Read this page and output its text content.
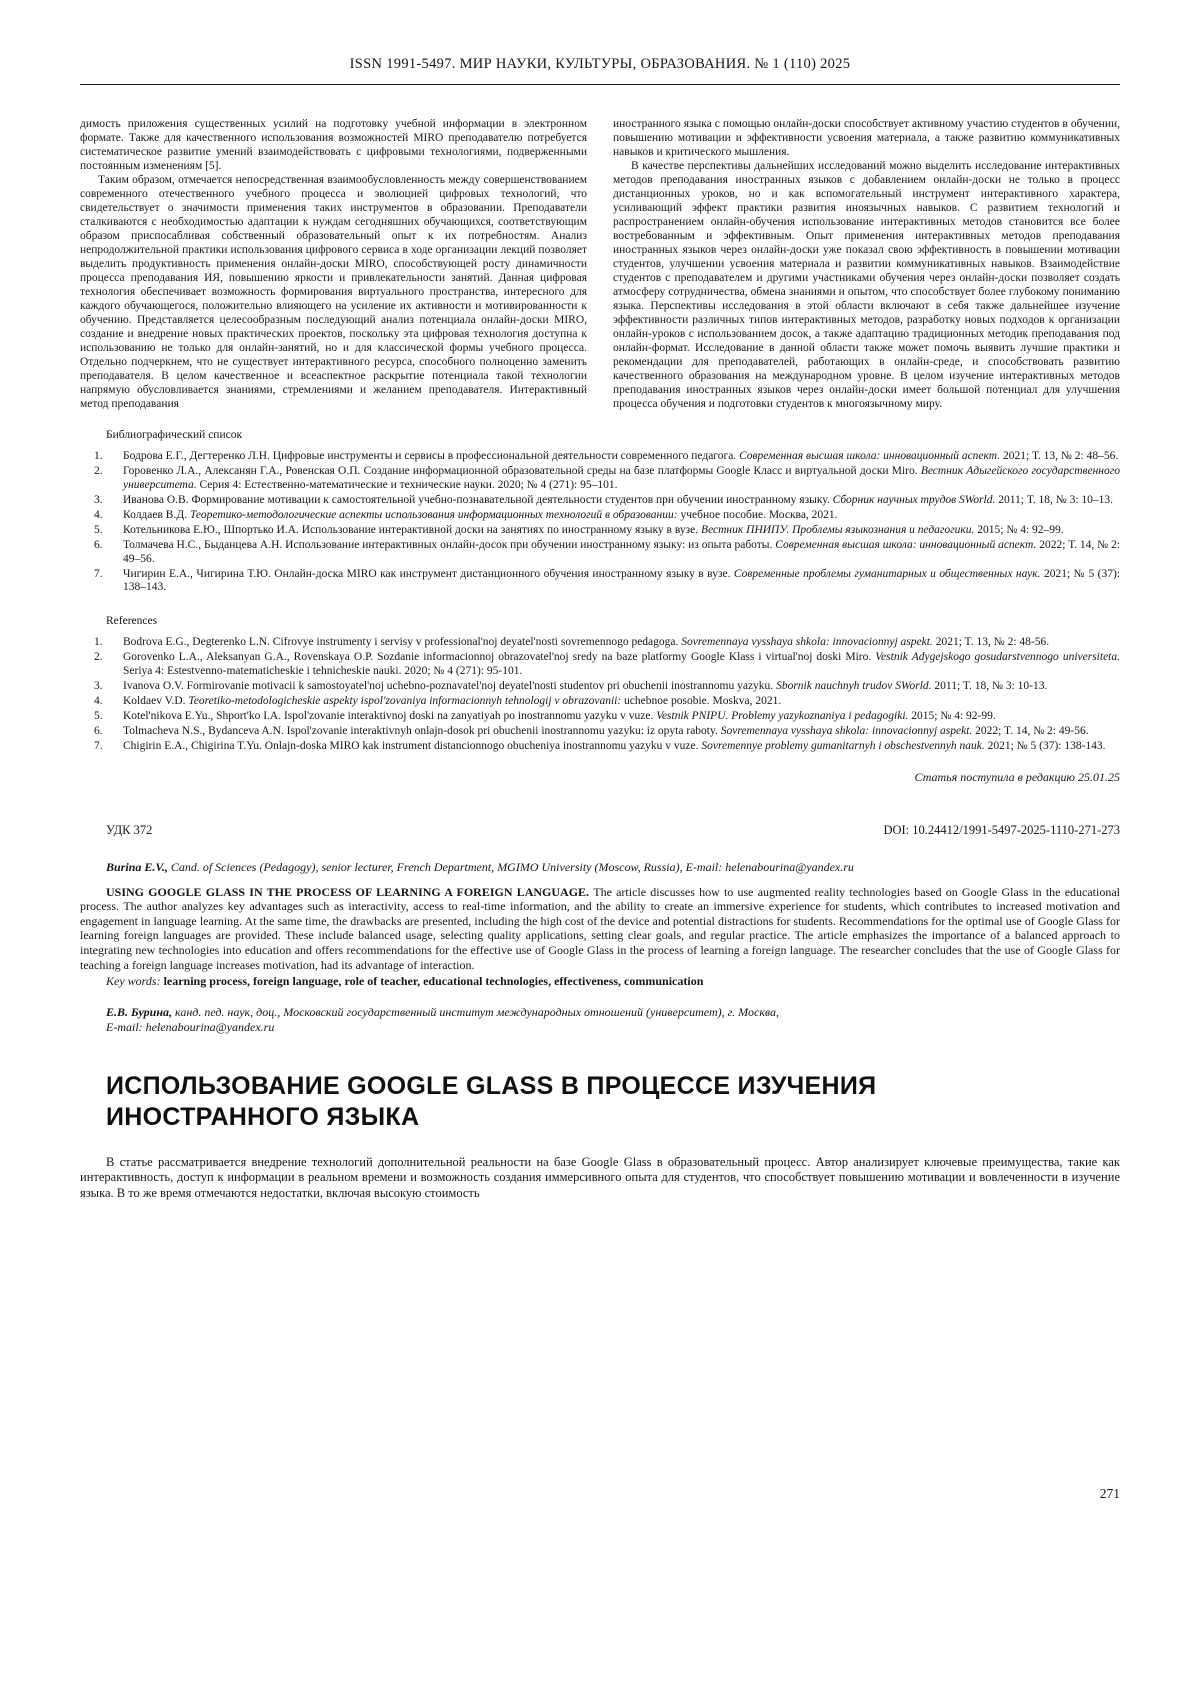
ISSN 1991-5497. МИР НАУКИ, КУЛЬТУРЫ, ОБРАЗОВАНИЯ. № 1 (110) 2025

димость приложения существенных усилий на подготовку учебной информации в электронном формате. Также для качественного использования возможностей MIRO преподавателю потребуется систематическое развитие умений взаимодействовать с цифровыми технологиями, подверженными постоянным изменениям [5].

Таким образом, отмечается непосредственная взаимообусловленность между совершенствованием современного отечественного учебного процесса и эволюцией цифровых технологий, что свидетельствует о значимости применения таких инструментов в образовании. Преподаватели сталкиваются с необходимостью адаптации к нуждам сегодняшних обучающихся, соответствующим образом приспосабливая собственный образовательный опыт к их потребностям. Анализ непродолжительной практики использования цифрового сервиса в ходе организации лекций позволяет выделить продуктивность применения онлайн-доски MIRO, способствующей росту динамичности процесса преподавания ИЯ, повышению яркости и привлекательности занятий. Данная цифровая технология обеспечивает возможность формирования виртуального пространства, интересного для каждого обучающегося, положительно влияющего на усиление их активности и мотивированности к обучению. Представляется целесообразным последующий анализ потенциала онлайн-доски MIRO, создание и внедрение новых практических проектов, поскольку эта цифровая технология доступна к использованию не только для онлайн-занятий, но и для классической формы учебного процесса. Отдельно подчеркнем, что не существует интерактивного ресурса, способного полноценно заменить преподавателя. В целом качественное и всеаспектное раскрытие потенциала такой технологии напрямую обусловливается знаниями, стремлениями и желанием преподавателя. Интерактивный метод преподавания

иностранного языка с помощью онлайн-доски способствует активному участию студентов в обучении, повышению мотивации и эффективности усвоения материала, а также развитию коммуникативных навыков и критического мышления.

В качестве перспективы дальнейших исследований можно выделить исследование интерактивных методов преподавания иностранных языков с добавлением онлайн-доски не только в процесс дистанционных уроков, но и как вспомогательный инструмент интерактивного характера, усиливающий эффект практики развития иноязычных навыков. С развитием технологий и распространением онлайн-обучения использование интерактивных методов становится все более востребованным и эффективным. Опыт применения интерактивных методов преподавания иностранных языков через онлайн-доски уже показал свою эффективность в повышении мотивации студентов, улучшении усвоения материала и развитии коммуникативных навыков. Взаимодействие студентов с преподавателем и другими участниками обучения через онлайн-доски позволяет создать атмосферу сотрудничества, обмена знаниями и опытом, что способствует более глубокому пониманию языка. Перспективы исследования в этой области включают в себя также дальнейшее изучение эффективности различных типов интерактивных методов, разработку новых подходов к организации онлайн-уроков с использованием досок, а также адаптацию традиционных методик преподавания под онлайн-формат. Исследование в данной области также может помочь выявить лучшие практики и рекомендации для преподавателей, работающих в онлайн-среде, и способствовать развитию качественного образования на международном уровне. В целом изучение интерактивных методов преподавания иностранных языков через онлайн-доски имеет большой потенциал для улучшения процесса обучения и подготовки студентов к многоязычному миру.

Библиографический список
1.	Бодрова Е.Г., Дегтеренко Л.Н. Цифровые инструменты и сервисы в профессиональной деятельности современного педагога. Современная высшая школа: инновационный аспект. 2021; Т. 13, № 2: 48–56.
2.	Горовенко Л.А., Алексанян Г.А., Ровенская О.П. Создание информационной образовательной среды на базе платформы Google Класс и виртуальной доски Miro. Вестник Адыгейского государственного университета. Серия 4: Естественно-математические и технические науки. 2020; № 4 (271): 95–101.
3.	Иванова О.В. Формирование мотивации к самостоятельной учебно-познавательной деятельности студентов при обучении иностранному языку. Сборник научных трудов SWorld. 2011; Т. 18, № 3: 10–13.
4.	Колдаев В.Д. Теоретико-методологические аспекты использования информационных технологий в образовании: учебное пособие. Москва, 2021.
5.	Котельникова Е.Ю., Шпортько И.А. Использование интерактивной доски на занятиях по иностранному языку в вузе. Вестник ПНИПУ. Проблемы языкознания и педагогики. 2015; № 4: 92–99.
6.	Толмачева Н.С., Быданцева А.Н. Использование интерактивных онлайн-досок при обучении иностранному языку: из опыта работы. Современная высшая школа: инновационный аспект. 2022; Т. 14, № 2: 49–56.
7.	Чигирин Е.А., Чигирина Т.Ю. Онлайн-доска MIRO как инструмент дистанционного обучения иностранному языку в вузе. Современные проблемы гуманитарных и общественных наук. 2021; № 5 (37): 138–143.
References
1.	Bodrova E.G., Degterenko L.N. Cifrovye instrumenty i servisy v professional'noj deyatel'nosti sovremennogo pedagoga. Sovremennaya vysshaya shkola: innovacionnyj aspekt. 2021; T. 13, № 2: 48-56.
2.	Gorovenko L.A., Aleksanyan G.A., Rovenskaya O.P. Sozdanie informacionnoj obrazovatel'noj sredy na baze platformy Google Klass i virtual'noj doski Miro. Vestnik Adygejskogo gosudarstvennogo universiteta. Seriya 4: Estestvenno-matematicheskie i tehnicheskie nauki. 2020; № 4 (271): 95-101.
3.	Ivanova O.V. Formirovanie motivacii k samostoyatel'noj uchebno-poznavatel'noj deyatel'nosti studentov pri obuchenii inostrannomu yazyku. Sbornik nauchnyh trudov SWorld. 2011; T. 18, № 3: 10-13.
4.	Koldaev V.D. Teoretiko-metodologicheskie aspekty ispol'zovaniya informacionnyh tehnologij v obrazovanii: uchebnoe posobie. Moskva, 2021.
5.	Kotel'nikova E.Yu., Shport'ko I.A. Ispol'zovanie interaktivnoj doski na zanyatiyah po inostrannomu yazyku v vuze. Vestnik PNIPU. Problemy yazykoznaniya i pedagogiki. 2015; № 4: 92-99.
6.	Tolmacheva N.S., Bydanceva A.N. Ispol'zovanie interaktivnyh onlajn-dosok pri obuchenii inostrannomu yazyku: iz opyta raboty. Sovremennaya vysshaya shkola: innovacionnyj aspekt. 2022; T. 14, № 2: 49-56.
7.	Chigirin E.A., Chigirina T.Yu. Onlajn-doska MIRO kak instrument distancionnogo obucheniya inostrannomu yazyku v vuze. Sovremennye problemy gumanitarnyh i obschestvennyh nauk. 2021; № 5 (37): 138-143.
Статья поступила в редакцию 25.01.25
УДК 372	DOI: 10.24412/1991-5497-2025-1110-271-273
Burina E.V., Cand. of Sciences (Pedagogy), senior lecturer, French Department, MGIMO University (Moscow, Russia), E-mail: helenabourina@yandex.ru
USING GOOGLE GLASS IN THE PROCESS OF LEARNING A FOREIGN LANGUAGE. The article discusses how to use augmented reality technologies based on Google Glass in the educational process. The author analyzes key advantages such as interactivity, access to real-time information, and the ability to create an immersive experience for students, which contributes to increased motivation and engagement in language learning. At the same time, the drawbacks are presented, including the high cost of the device and potential distractions for students. Recommendations for the optimal use of Google Glass for learning foreign languages are provided. These include balanced usage, selecting quality applications, setting clear goals, and regular practice. The article emphasizes the importance of a balanced approach to integrating new technologies into education and offers recommendations for the effective use of Google Glass in the process of learning a foreign language. The researcher concludes that the use of Google Glass for teaching a foreign language increases motivation, had its advantage of interaction.
Key words: learning process, foreign language, role of teacher, educational technologies, effectiveness, communication
Е.В. Бурина, канд. пед. наук, доц., Московский государственный институт международных отношений (университет), г. Москва,
E-mail: helenabourina@yandex.ru
ИСПОЛЬЗОВАНИЕ GOOGLE GLASS В ПРОЦЕССЕ ИЗУЧЕНИЯ
ИНОСТРАННОГО ЯЗЫКА
В статье рассматривается внедрение технологий дополнительной реальности на базе Google Glass в образовательный процесс. Автор анализирует ключевые преимущества, такие как интерактивность, доступ к информации в реальном времени и возможность создания иммерсивного опыта для студентов, что способствует повышению мотивации и вовлеченности в изучение языка. В то же время отмечаются недостатки, включая высокую стоимость
271
